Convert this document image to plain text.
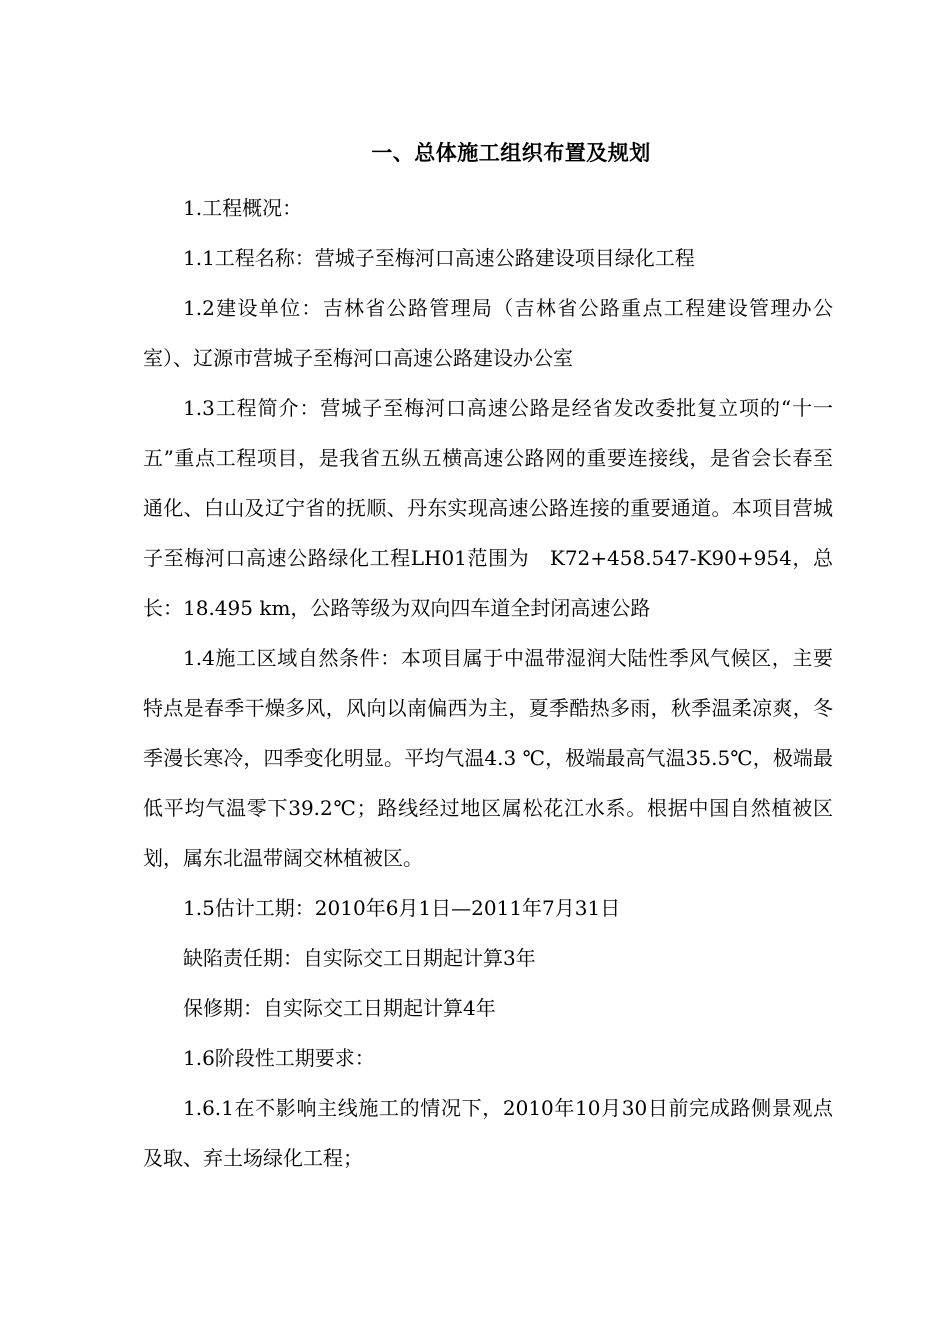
一、总体施工组织布置及规划

1.工程概况：

1.1工程名称：营城子至梅河口高速公路建设项目绿化工程

1.2建设单位：吉林省公路管理局（吉林省公路重点工程建设管理办公室）、辽源市营城子至梅河口高速公路建设办公室

1.3工程简介：营城子至梅河口高速公路是经省发改委批复立项的“十一五”重点工程项目，是我省五纵五横高速公路网的重要连接线，是省会长春至通化、白山及辽宁省的抚顺、丹东实现高速公路连接的重要通道。本项目营城子至梅河口高速公路绿化工程LH01范围为　K72+458.547-K90+954，总长：18.495 km，公路等级为双向四车道全封闭高速公路

1.4施工区域自然条件：本项目属于中温带湿润大陆性季风气候区，主要特点是春季干燥多风，风向以南偏西为主，夏季酷热多雨，秋季温柔凉爽，冬季漫长寒冷，四季变化明显。平均气温4.3 ℃，极端最高气温35.5℃，极端最低平均气温零下39.2℃；路线经过地区属松花江水系。根据中国自然植被区划，属东北温带阔交林植被区。

1.5估计工期：2010年6月1日—2011年7月31日

缺陷责任期：自实际交工日期起计算3年

保修期：自实际交工日期起计算4年

1.6阶段性工期要求：

1.6.1在不影响主线施工的情况下，2010年10月30日前完成路侧景观点及取、弃土场绿化工程；
